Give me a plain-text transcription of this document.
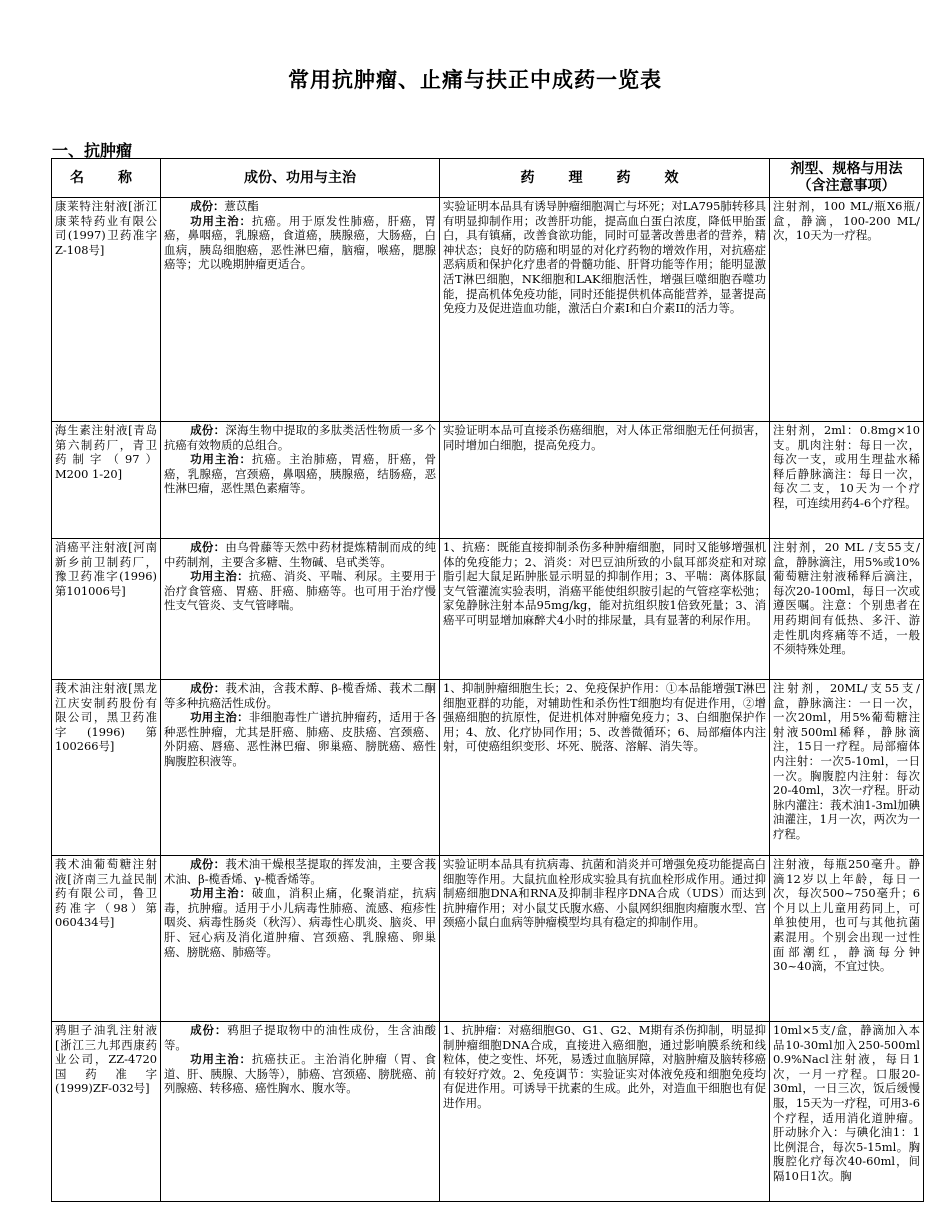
常用抗肿瘤、止痛与扶正中成药一览表
一、抗肿瘤
名　称	成份、功用与主治	药　理　药　效	剂型、规格与用法
（含注意事项）

康莱特注射液[浙江康莱特药业有限公司(1997)卫药准字Z-108号]	成份：薏苡酯

功用主治：抗癌。用于原发性肺癌，肝癌，胃癌，鼻咽癌，乳腺癌，食道癌，胰腺癌，大肠癌，白血病，胰岛细胞癌，恶性淋巴瘤，脑瘤，喉癌，腮腺癌等；尤以晚期肿瘤更适合。	实验证明本品具有诱导肿瘤细胞凋亡与坏死；对LA795肺转移具有明显抑制作用；改善肝功能，提高血白蛋白浓度，降低甲胎蛋白，具有镇痛，改善食欲功能，同时可显著改善患者的营养，精神状态；良好的防癌和明显的对化疗药物的增效作用，对抗癌症恶病质和保护化疗患者的骨髓功能、肝肾功能等作用；能明显激活T淋巴细胞，NK细胞和LAK细胞活性，增强巨噬细胞吞噬功能，提高机体免疫功能，同时还能提供机体高能营养，显著提高免疫力及促进造血功能，激活白介素I和白介素II的活力等。	注射剂，100 ML/瓶X6瓶/盒，静滴，100-200 ML/次，10天为一疗程。
海生素注射液[青岛第六制药厂，青卫药制字（97）M200 1-20]	成份：深海生物中提取的多肽类活性物质一多个抗癌有效物质的总组合。

功用主治：抗癌。主治肺癌，胃癌，肝癌，骨癌，乳腺癌，宫颈癌，鼻咽癌，胰腺癌，结肠癌，恶性淋巴瘤，恶性黑色素瘤等。	实验证明本品可直接杀伤癌细胞，对人体正常细胞无任何损害，同时增加白细胞，提高免疫力。	注射剂，2ml：0.8mg×10支。肌肉注射：每日一次，每次一支，或用生理盐水稀释后静脉滴注：每日一次，每次二支，10天为一个疗程，可连续用药4-6个疗程。
消癌平注射液[河南新乡前卫制药厂，豫卫药准字(1996)第101006号]	成份：由乌骨藤等天然中药材提炼精制而成的纯中药制剂，主要含多糖、生物碱、皂甙类等。

功用主治：抗癌、消炎、平喘、利尿。主要用于治疗食管癌、胃癌、肝癌、肺癌等。也可用于治疗慢性支气管炎、支气管哮喘。	1、抗癌：既能直接抑制杀伤多种肿瘤细胞，同时又能够增强机体的免疫能力；2、消炎：对巴豆油所致的小鼠耳部炎症和对琼脂引起大鼠足跖肿胀显示明显的抑制作用；3、平喘：离体豚鼠支气管灌流实验表明，消癌平能使组织胺引起的气管痉挛松弛；家兔静脉注射本品95mg/kg，能对抗组织胺1倍致死量；3、消癌平可明显增加麻醉犬4小时的排尿量，具有显著的利尿作用。	注射剂，20 ML /支55支/盒，静脉滴注，用5%或10%葡萄糖注射液稀释后滴注，每次20-100ml，每日一次或遵医嘱。注意：个别患者在用药期间有低热、多汗、游走性肌肉疼痛等不适，一般不须特殊处理。
莪术油注射液[黑龙江庆安制药股份有限公司，黑卫药准字(1996)第100266号]	成份：莪术油，含莪术醇、β-榄香烯、莪术二酮等多种抗癌活性成份。

功用主治：非细胞毒性广谱抗肿瘤药，适用于各种恶性肿瘤，尤其是肝癌、肺癌、皮肤癌、宫颈癌、外阴癌、唇癌、恶性淋巴瘤、卵巢癌、膀胱癌、癌性胸腹腔积液等。	1、抑制肿瘤细胞生长；2、免疫保护作用：①本品能增强T淋巴细胞亚群的功能，对辅助性和杀伤性T细胞均有促进作用，②增强癌细胞的抗原性，促进机体对肿瘤免疫力；3、白细胞保护作用；4、放、化疗协同作用；5、改善微循环；6、局部瘤体内注射，可使癌组织变形、坏死、脱落、溶解、消失等。	注射剂，20ML/支55支/盒，静脉滴注：一日一次，一次20ml，用5%葡萄糖注射液500ml稀释，静脉滴注，15日一疗程。局部瘤体内注射：一次5-10ml，一日一次。胸腹腔内注射：每次20-40ml，3次一疗程。肝动脉内灌注：莪术油1-3ml加碘油灌注，1月一次，两次为一疗程。
莪术油葡萄糖注射液[济南三九益民制药有限公司，鲁卫药准字（98）第060434号]	成份：莪术油干燥根茎提取的挥发油，主要含莪术油、β-榄香烯、γ-榄香烯等。

功用主治：破血，消积止痛，化聚消症，抗病毒，抗肿瘤。适用于小儿病毒性肺癌、流感、疱疹性咽炎、病毒性肠炎（秋泻）、病毒性心肌炎、脑炎、甲肝、冠心病及消化道肿瘤、宫颈癌、乳腺癌、卵巢癌、膀胱癌、肺癌等。	实验证明本品具有抗病毒、抗菌和消炎并可增强免疫功能提高白细胞等作用。大鼠抗血栓形成实验具有抗血栓形成作用。通过抑制癌细胞DNA和RNA及抑制非程序DNA合成（UDS）而达到抗肿瘤作用；对小鼠艾氏腹水癌、小鼠网织细胞肉瘤腹水型、宫颈癌小鼠白血病等肿瘤模型均具有稳定的抑制作用。	注射液，每瓶250毫升。静滴12岁以上年龄，每日一次，每次500~750毫升；6个月以上儿童用药同上，可单独使用，也可与其他抗菌素混用。个别会出现一过性面部潮红，静滴每分钟30~40滴，不宜过快。
鸦胆子油乳注射液 [浙江三九邦西康药业公司，ZZ-4720国药准字(1999)ZF-032号]	成份：鸦胆子提取物中的油性成份，生含油酸等。

功用主治：抗癌扶正。主治消化肿瘤（胃、食道、肝、胰腺、大肠等），肺癌、宫颈癌、膀胱癌、前列腺癌、转移癌、癌性胸水、腹水等。	1、抗肿瘤：对癌细胞G0、G1、G2、M期有杀伤抑制，明显抑制肿瘤细胞DNA合成，直接进入癌细胞，通过影响膜系统和线粒体，使之变性、坏死，易透过血脑屏障，对脑肿瘤及脑转移癌有较好疗效。2、免疫调节：实验证实对体液免疫和细胞免疫均有促进作用。可诱导干扰素的生成。此外，对造血干细胞也有促进作用。	10ml×5支/盒，静滴加入本品10-30ml加入250-500ml 0.9%Nacl注射液，每日1次，一月一疗程。口服20-30ml，一日三次，饭后缓慢服，15天为一疗程，可用3-6个疗程，适用消化道肿瘤。肝动脉介入：与碘化油1：1比例混合，每次5-15ml。胸腹腔化疗每次40-60ml，间隔10日1次。胸
